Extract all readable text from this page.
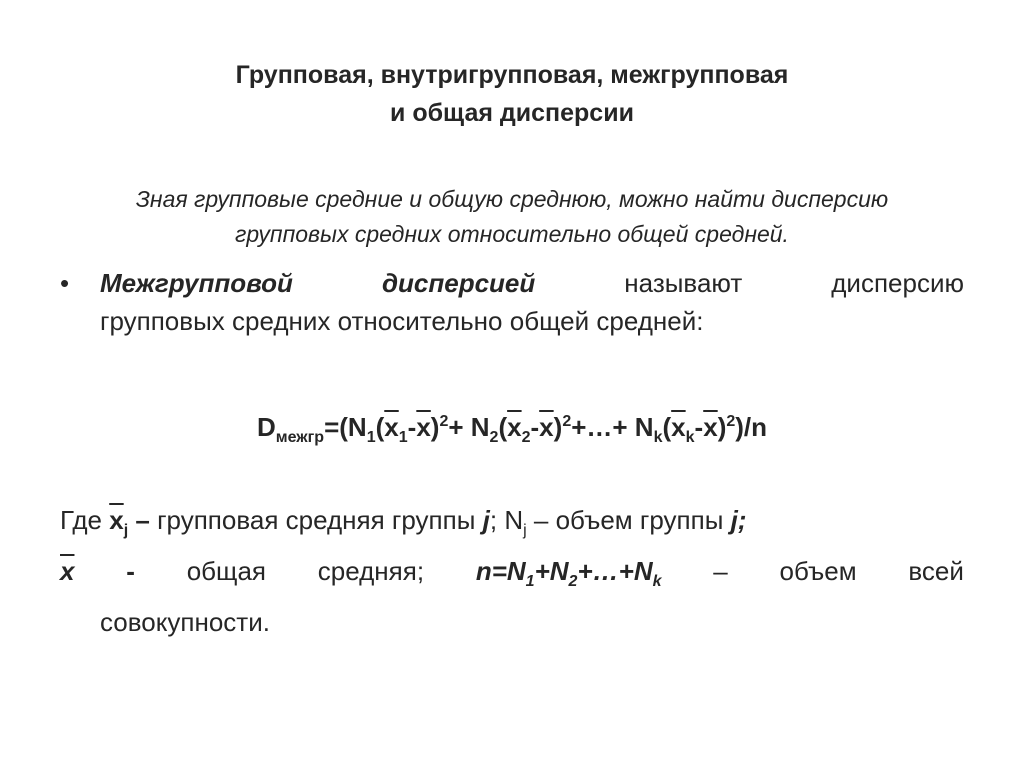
Групповая, внутригрупповая, межгрупповая
и общая дисперсии
Зная групповые средние и общую среднюю, можно найти дисперсию
групповых средних относительно общей средней.
• Межгрупповой	дисперсией	называют	дисперсию
групповых средних относительно общей средней:
$D_{межгр}=(N_1(\overline{x}_1-\overline{x})^2+$ $N_2(\overline{x}_2-\overline{x})^2+\dots+ N_k(\overline{x}_k-\overline{x})^2)/n$
Где $\overline{x}_j$ – групповая средняя группы j; $N_j$ – объем группы j;
$\overline{x}$ - общая средняя; $n=N_1+N_2+\dots+N_k$ – объем всей
совокупности.
